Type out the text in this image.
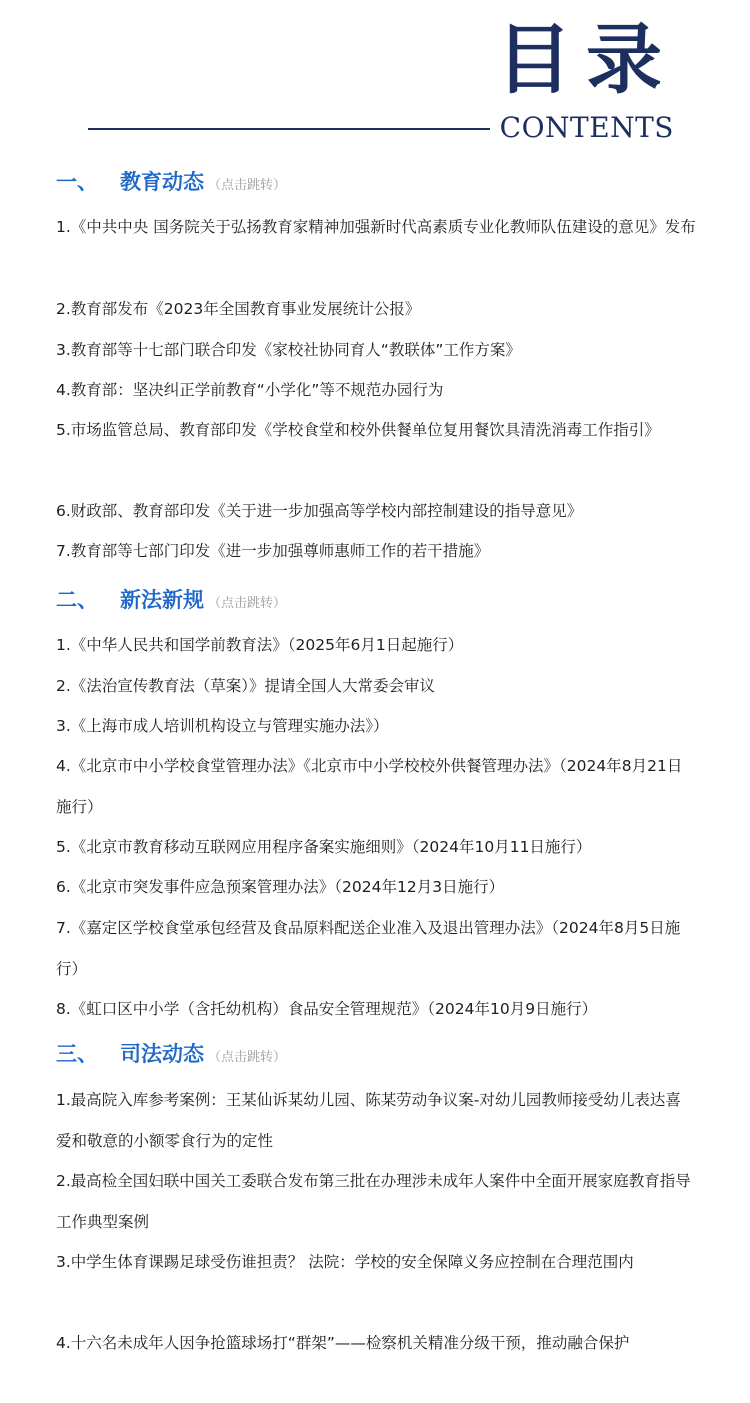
目录
CONTENTS
一、 教育动态 （点击跳转）
1.《中共中央 国务院关于弘扬教育家精神加强新时代高素质专业化教师队伍建设的意见》发布
2.教育部发布《2023年全国教育事业发展统计公报》
3.教育部等十七部门联合印发《家校社协同育人“教联体”工作方案》
4.教育部：坚决纠正学前教育“小学化”等不规范办园行为
5.市场监管总局、教育部印发《学校食堂和校外供餐单位复用餐饮具清洗消毒工作指引》
6.财政部、教育部印发《关于进一步加强高等学校内部控制建设的指导意见》
7.教育部等七部门印发《进一步加强尊师惠师工作的若干措施》
二、 新法新规 （点击跳转）
1.《中华人民共和国学前教育法》（2025年6月1日起施行）
2.《法治宣传教育法（草案）》提请全国人大常委会审议
3.《上海市成人培训机构设立与管理实施办法》）
4.《北京市中小学校食堂管理办法》《北京市中小学校校外供餐管理办法》（2024年8月21日施行）
5.《北京市教育移动互联网应用程序备案实施细则》（2024年10月11日施行）
6.《北京市突发事件应急预案管理办法》（2024年12月3日施行）
7.《嘉定区学校食堂承包经营及食品原料配送企业准入及退出管理办法》（2024年8月5日施行）
8.《虹口区中小学（含托幼机构）食品安全管理规范》（2024年10月9日施行）
三、 司法动态 （点击跳转）
1.最高院入库参考案例：王某仙诉某幼儿园、陈某劳动争议案-对幼儿园教师接受幼儿表达喜爱和敬意的小额零食行为的定性
2.最高检全国妇联中国关工委联合发布第三批在办理涉未成年人案件中全面开展家庭教育指导工作典型案例
3.中学生体育课踢足球受伤谁担责？ 法院：学校的安全保障义务应控制在合理范围内
4.十六名未成年人因争抢篮球场打“群架”——检察机关精准分级干预，推动融合保护
